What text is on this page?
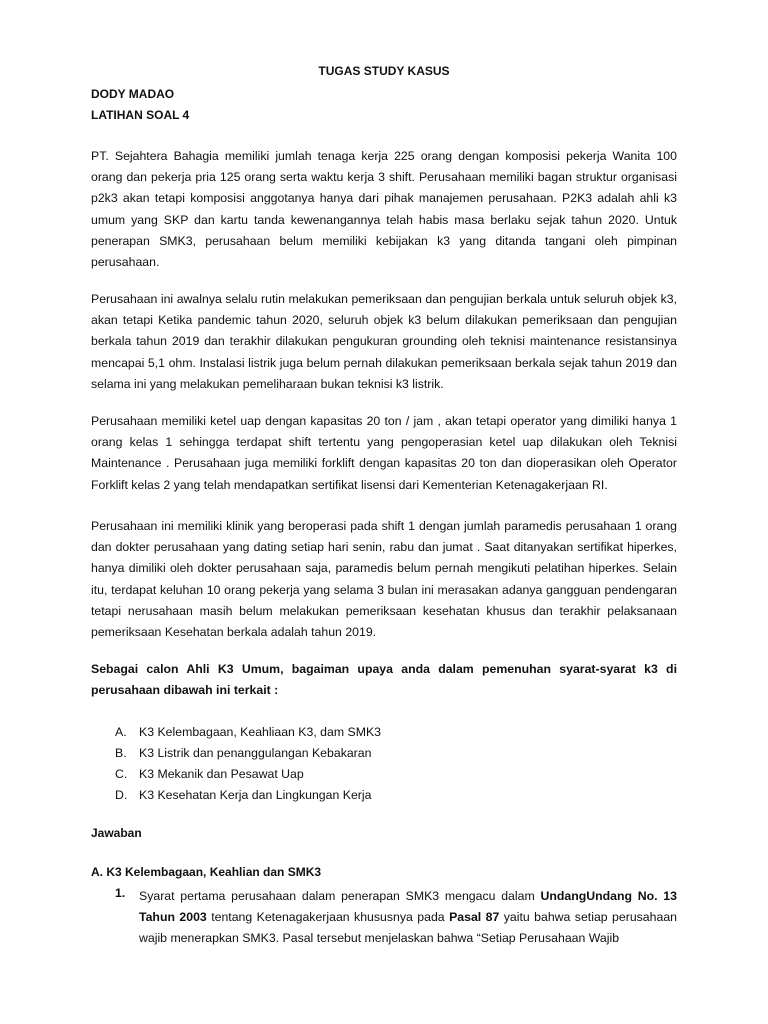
TUGAS STUDY KASUS
DODY MADAO
LATIHAN SOAL 4

PT. Sejahtera Bahagia memiliki jumlah tenaga kerja 225 orang dengan komposisi pekerja Wanita 100 orang dan pekerja pria 125 orang serta waktu kerja 3 shift. Perusahaan memiliki bagan struktur organisasi p2k3 akan tetapi komposisi anggotanya hanya dari pihak manajemen perusahaan. P2K3 adalah ahli k3 umum yang SKP dan kartu tanda kewenangannya telah habis masa berlaku sejak tahun 2020. Untuk penerapan SMK3, perusahaan belum memiliki kebijakan k3 yang ditanda tangani oleh pimpinan perusahaan.

Perusahaan ini awalnya selalu rutin melakukan pemeriksaan dan pengujian berkala untuk seluruh objek k3, akan tetapi Ketika pandemic tahun 2020, seluruh objek k3 belum dilakukan pemeriksaan dan pengujian berkala tahun 2019 dan terakhir dilakukan pengukuran grounding oleh teknisi maintenance resistansinya mencapai 5,1 ohm. Instalasi listrik juga belum pernah dilakukan pemeriksaan berkala sejak tahun 2019 dan selama ini yang melakukan pemeliharaan bukan teknisi k3 listrik.

Perusahaan memiliki ketel uap dengan kapasitas 20 ton / jam , akan tetapi operator yang dimiliki hanya 1 orang kelas 1 sehingga terdapat shift tertentu yang pengoperasian ketel uap dilakukan oleh Teknisi Maintenance . Perusahaan juga memiliki forklift dengan kapasitas 20 ton dan dioperasikan oleh Operator Forklift kelas 2 yang telah mendapatkan sertifikat lisensi dari Kementerian Ketenagakerjaan RI.

Perusahaan ini memiliki klinik yang beroperasi pada shift 1 dengan jumlah paramedis perusahaan 1 orang dan dokter perusahaan yang dating setiap hari senin, rabu dan jumat . Saat ditanyakan sertifikat hiperkes, hanya dimiliki oleh dokter perusahaan saja, paramedis belum pernah mengikuti pelatihan hiperkes. Selain itu, terdapat keluhan 10 orang pekerja yang selama 3 bulan ini merasakan adanya gangguan pendengaran tetapi nerusahaan masih belum melakukan pemeriksaan kesehatan khusus dan terakhir pelaksanaan pemeriksaan Kesehatan berkala adalah tahun 2019.

Sebagai calon Ahli K3 Umum, bagaiman upaya anda dalam pemenuhan syarat-syarat k3 di perusahaan dibawah ini terkait :

A.	K3 Kelembagaan, Keahliaan K3, dam SMK3
B.	K3 Listrik dan penanggulangan Kebakaran
C. K3 Mekanik dan Pesawat Uap
D. K3 Kesehatan Kerja dan Lingkungan Kerja
Jawaban
A. K3 Kelembagaan, Keahlian dan SMK3
1.	Syarat pertama perusahaan dalam penerapan SMK3 mengacu dalam UndangUndang No. 13 Tahun 2003 tentang Ketenagakerjaan khususnya pada Pasal 87 yaitu bahwa setiap perusahaan wajib menerapkan SMK3. Pasal tersebut menjelaskan bahwa “Setiap Perusahaan Wajib
